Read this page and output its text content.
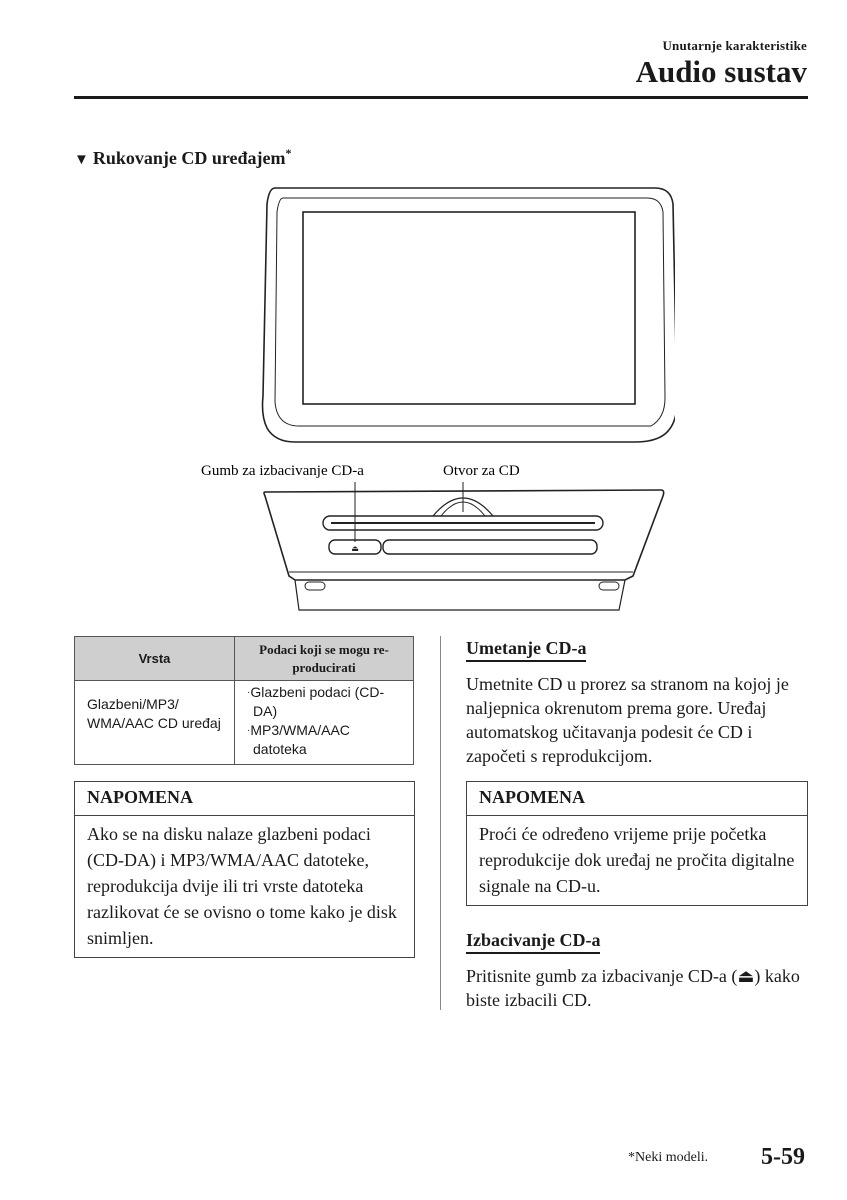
Unutarnje karakteristike
Audio sustav
▼ Rukovanje CD uređajem*
Gumb za izbacivanje CD-a	Otvor za CD
⏏
Vrsta	Podaci koji se mogu re-producirati
Glazbeni/MP3/ WMA/AAC CD uređaj	·Glazbeni podaci (CD-DA)
·MP3/WMA/AAC datoteka
NAPOMENA
Ako se na disku nalaze glazbeni podaci (CD-DA) i MP3/WMA/AAC datoteke, reprodukcija dvije ili tri vrste datoteka razlikovat će se ovisno o tome kako je disk snimljen.
Umetanje CD-a
Umetnite CD u prorez sa stranom na kojoj je naljepnica okrenutom prema gore. Uređaj automatskog učitavanja podesit će CD i započeti s reprodukcijom.
NAPOMENA
Proći će određeno vrijeme prije početka reprodukcije dok uređaj ne pročita digitalne signale na CD-u.
Izbacivanje CD-a
Pritisnite gumb za izbacivanje CD-a (⏏) kako biste izbacili CD.
*Neki modeli. 5-59
